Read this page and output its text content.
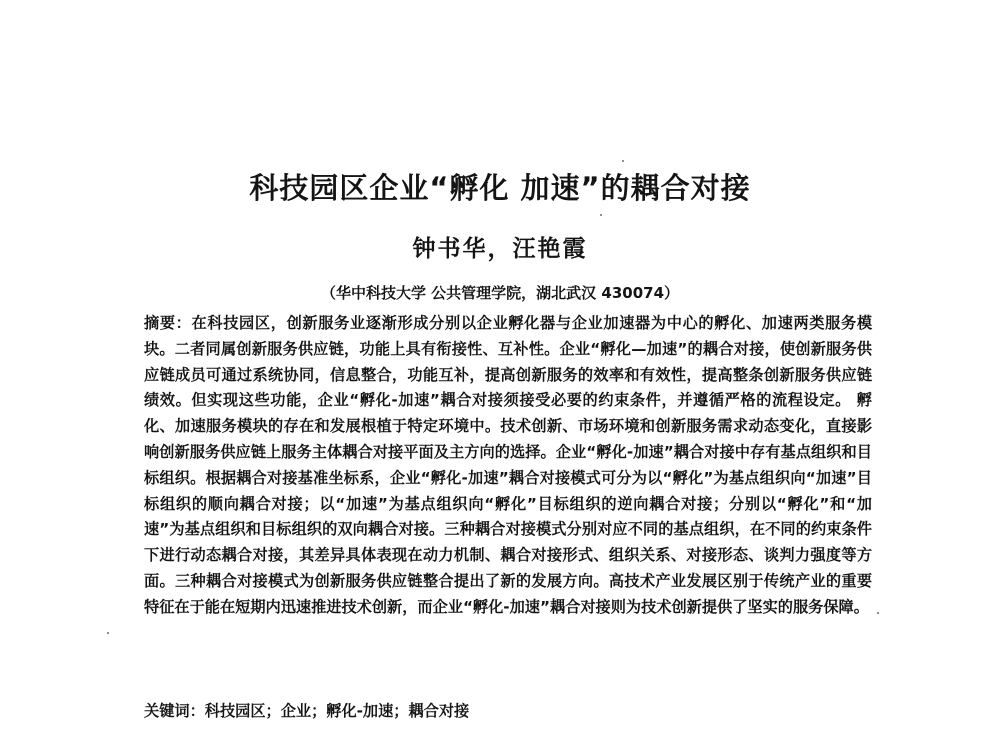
科技园区企业“孵化 加速”的耦合对接
钟书华，汪艳霞
（华中科技大学 公共管理学院，湖北武汉 430074）

摘要：在科技园区，创新服务业逐渐形成分别以企业孵化器与企业加速器为中心的孵化、加速两类服务模块。二者同属创新服务供应链，功能上具有衔接性、互补性。企业“孵化—加速”的耦合对接，使创新服务供应链成员可通过系统协同，信息整合，功能互补，提高创新服务的效率和有效性，提高整条创新服务供应链绩效。但实现这些功能，企业“孵化-加速”耦合对接须接受必要的约束条件，并遵循严格的流程设定。 孵化、加速服务模块的存在和发展根植于特定环境中。技术创新、市场环境和创新服务需求动态变化，直接影响创新服务供应链上服务主体耦合对接平面及主方向的选择。企业“孵化-加速”耦合对接中存有基点组织和目标组织。根据耦合对接基准坐标系，企业“孵化-加速”耦合对接模式可分为以“孵化”为基点组织向“加速”目标组织的顺向耦合对接；以“加速”为基点组织向“孵化”目标组织的逆向耦合对接；分别以“孵化”和“加速”为基点组织和目标组织的双向耦合对接。三种耦合对接模式分别对应不同的基点组织，在不同的约束条件下进行动态耦合对接，其差异具体表现在动力机制、耦合对接形式、组织关系、对接形态、谈判力强度等方面。三种耦合对接模式为创新服务供应链整合提出了新的发展方向。高技术产业发展区别于传统产业的重要特征在于能在短期内迅速推进技术创新，而企业“孵化-加速”耦合对接则为技术创新提供了坚实的服务保障。

关键词：科技园区；企业；孵化-加速；耦合对接
